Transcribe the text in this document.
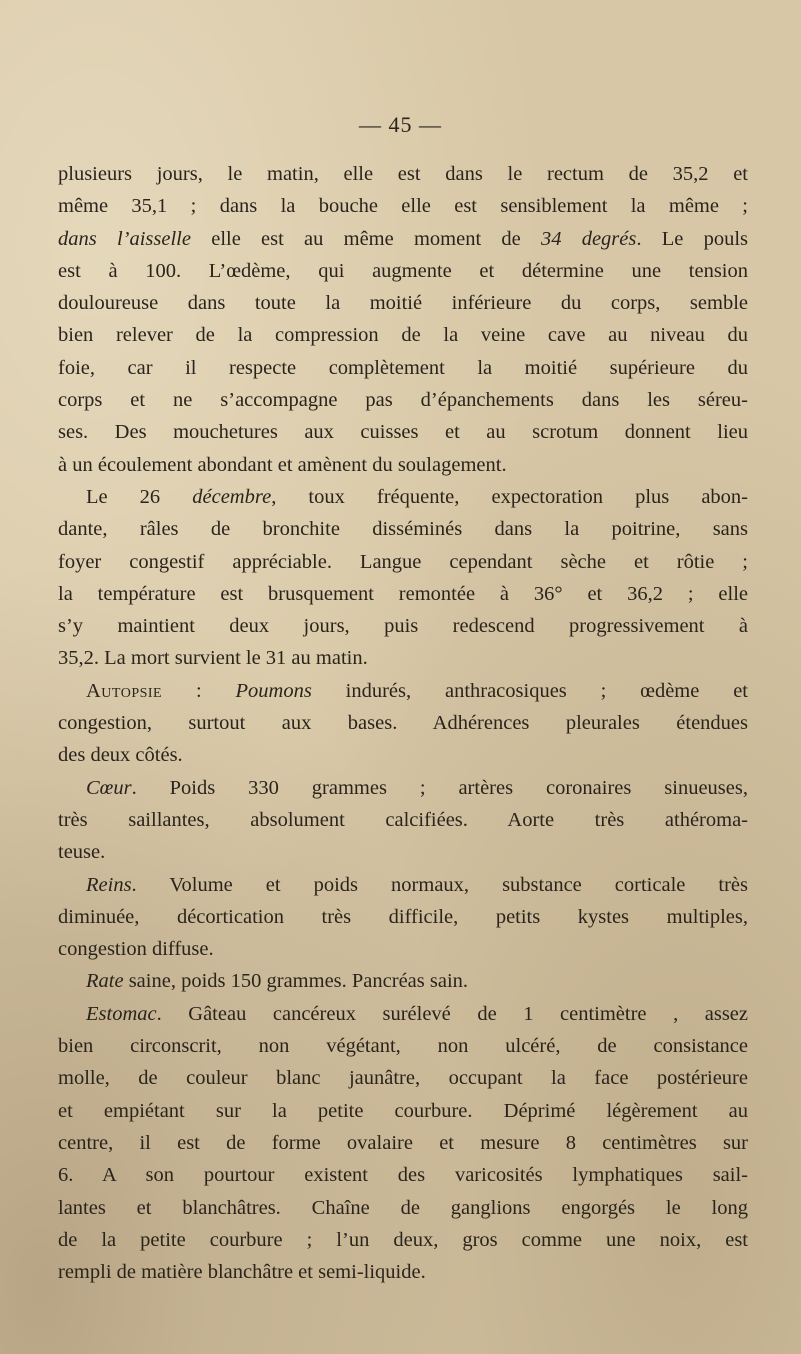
— 45 —
plusieurs jours, le matin, elle est dans le rectum de 35,2 et
même 35,1 ; dans la bouche elle est sensiblement la même ;
dans l’aisselle elle est au même moment de 34 degrés. Le pouls
est à 100. L’œdème, qui augmente et détermine une tension
douloureuse dans toute la moitié inférieure du corps, semble
bien relever de la compression de la veine cave au niveau du
foie, car il respecte complètement la moitié supérieure du
corps et ne s’accompagne pas d’épanchements dans les séreu-
ses. Des mouchetures aux cuisses et au scrotum donnent lieu
à un écoulement abondant et amènent du soulagement.
Le 26 décembre, toux fréquente, expectoration plus abon-
dante, râles de bronchite disséminés dans la poitrine, sans
foyer congestif appréciable. Langue cependant sèche et rôtie ;
la température est brusquement remontée à 36° et 36,2 ; elle
s’y maintient deux jours, puis redescend progressivement à
35,2. La mort survient le 31 au matin.
Autopsie : Poumons indurés, anthracosiques ; œdème et
congestion, surtout aux bases. Adhérences pleurales étendues
des deux côtés.
Cœur. Poids 330 grammes ; artères coronaires sinueuses,
très saillantes, absolument calcifiées. Aorte très athéroma-
teuse.
Reins. Volume et poids normaux, substance corticale très
diminuée, décortication très difficile, petits kystes multiples,
congestion diffuse.
Rate saine, poids 150 grammes. Pancréas sain.
Estomac. Gâteau cancéreux surélevé de 1 centimètre , assez
bien circonscrit, non végétant, non ulcéré, de consistance
molle, de couleur blanc jaunâtre, occupant la face postérieure
et empiétant sur la petite courbure. Déprimé légèrement au
centre, il est de forme ovalaire et mesure 8 centimètres sur
6. A son pourtour existent des varicosités lymphatiques sail-
lantes et blanchâtres. Chaîne de ganglions engorgés le long
de la petite courbure ; l’un deux, gros comme une noix, est
rempli de matière blanchâtre et semi-liquide.
